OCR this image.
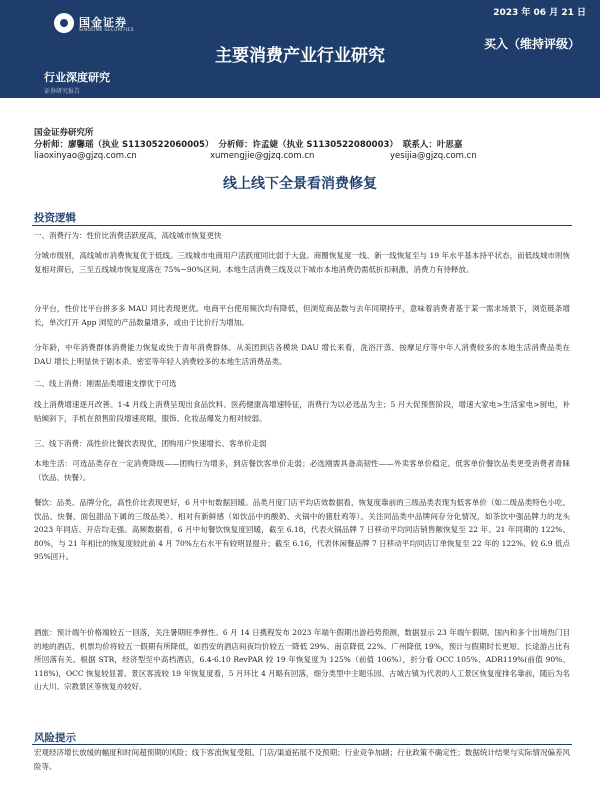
2023 年 06 月 21 日
国金证券
SINOLINK SECURITIES
主要消费产业行业研究
买入（维持评级）
行业深度研究
证券研究报告
国金证券研究所
分析师：廖馨瑶（执业 S1130522060005） 分析师：许孟婕（执业 S1130522080003） 联系人：叶思嘉
liaoxinyao@gjzq.com.cn	xumengjie@gjzq.com.cn	yesijia@gjzq.com.cn
线上线下全景看消费修复
投资逻辑
一、消费行为：性价比消费活跃度高，高线城市恢复更快
分城市级别，高线城市消费恢复优于低线。三线城市电商用户活跃度同比弱于大盘。商圈恢复度一线、新一线恢复至与 19 年水平基本持平状态，而低线城市则恢复相对滞后，三至五线城市恢复度落在 75%~90%区间。本地生活消费三线及以下城市本地消费仍需低折扣刺激，消费力有待释放。
分平台，性价比平台拼多多 MAU 同比表现更优。电商平台使用频次均有降低，但浏览商品数与去年同期持平，意味着消费者基于某一需求场景下，浏览链条增长，单次打开 App 浏览的产品数量增多，或由于比价行为增加。
分年龄，中年消费群体消费能力恢复或快于青年消费群体。从美团到店各模块 DAU 增长来看，洗浴汗蒸、按摩足疗等中年人消费较多的本地生活消费品类在 DAU 增长上明显快于剧本杀、密室等年轻人消费较多的本地生活消费品类。
二、线上消费：刚需品类增速支撑优于可选
线上消费增速逐月改善。1-4 月线上消费呈现出食品饮料、医药健康高增速特征，消费行为以必选品为主；5 月大促预售阶段，增速大家电>生活家电>厨电，补贴倾斜下，手机在预售阶段增速亮眼，服饰、化妆品爆发力相对较弱。
三、线下消费：高性价比餐饮表现优，团购用户快速增长、客单价走弱
本地生活：可选品类存在一定消费降级——团购行为增多，到店餐饮客单价走弱；必选刚需具备高韧性——外卖客单价稳定。低客单价餐饮品类更受消费者青睐（饮品、快餐）。
餐饮：品类、品牌分化，高性价比表现更好，6 月中旬数据回暖。品类月度门店平均店效数据看，恢复度靠前的三级品类表现为低客单价（如二级品类特色小吃、饮品、快餐、面包甜品下属的三级品类）、相对有新鲜感（如饮品中的酸奶、火锅中的猪肚鸡等）。关注同品类中品牌间存分化情况，如茶饮中强品牌力的龙头 2023 年同店、开店均走强。高频数据看，6 月中旬餐饮恢复度回暖，截至 6.18，代表火锅品牌 7 日移动平均同店销售额恢复至 22 年、21 年同期的 122%、80%，与 21 年相比的恢复度较此前 4 月 70%左右水平有较明显提升；截至 6.16，代表休闲餐品牌 7 日移动平均同店订单恢复至 22 年的 122%、较 6.9 低点 95%回升。
酒旅：预计端午价格端较五一回落，关注暑期旺季弹性。6 月 14 日携程发布 2023 年端午假期出游趋势预测，数据显示 23 年端午假期，国内和多个出境热门目的地的酒店、机票均价将较五一假期有所降低，如西安的酒店间夜均价较五一降低 29%、南京降低 22%、广州降低 19%，预计与假期时长更短、长途游占比有所回落有关。根据 STR，经济型至中高档酒店，6.4-6.10 RevPAR 较 19 年恢复度为 125%（前值 106%），折分看 OCC 105%、ADR119%(前值 90%、118%)，OCC 恢复较显著。景区客流较 19 年恢复度看，5 月环比 4 月略有回落，细分类型中主题乐园、古城古镇为代表的人工景区恢复度排名靠前，随后为名山大川、宗教景区等恢复亦较好。
风险提示
宏观经济增长放缓的幅度和时间超预期的风险；线下客流恢复受阻、门店/渠道拓展不及预期；行业竞争加剧；行业政策不确定性；数据统计结果与实际情况偏差风险等。
